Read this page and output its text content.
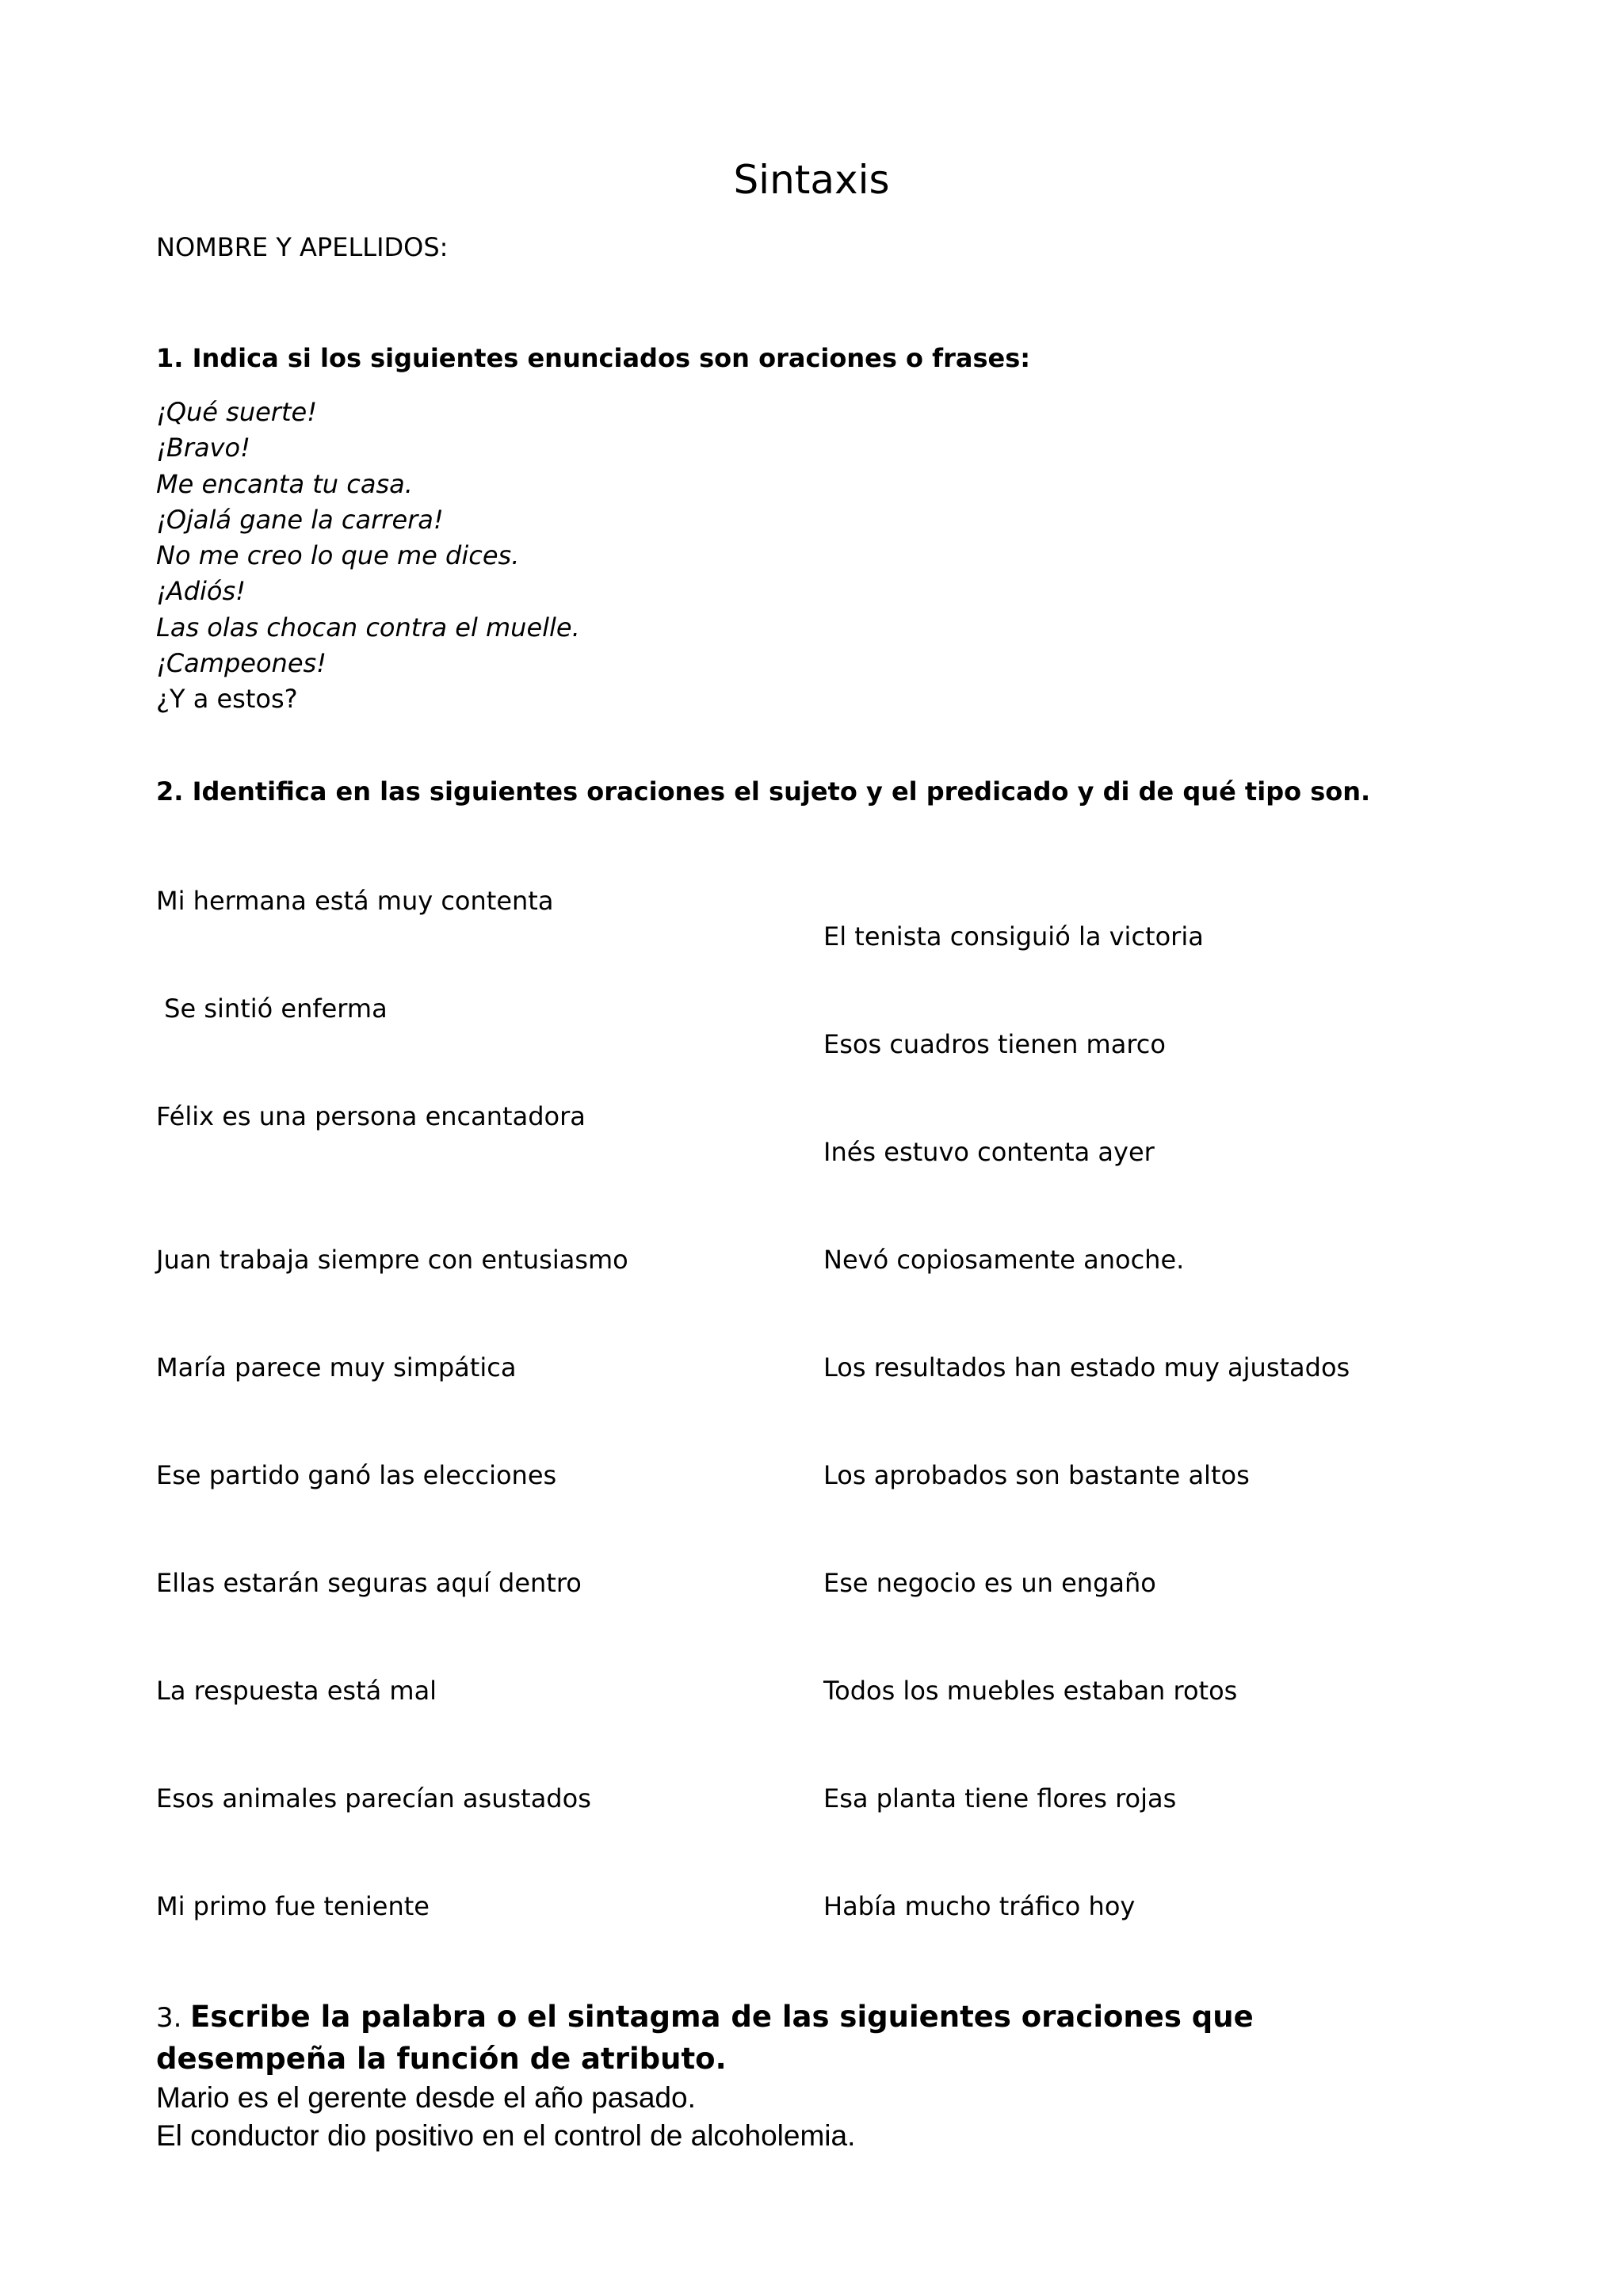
Sintaxis
NOMBRE Y APELLIDOS:
1. Indica si los siguientes enunciados son oraciones o frases:
¡Qué suerte!
¡Bravo!
Me encanta tu casa.
¡Ojalá gane la carrera!
No me creo lo que me dices.
¡Adiós!
Las olas chocan contra el muelle.
¡Campeones!
¿Y a estos?
2. Identifica en las siguientes oraciones el sujeto y el predicado y di de qué tipo son.
Mi hermana está muy contenta
Se sintió enferma
Félix es una persona encantadora
Juan trabaja siempre con entusiasmo
María parece muy simpática
Ese partido ganó las elecciones
Ellas estarán seguras aquí dentro
La respuesta está mal
Esos animales parecían asustados
Mi primo fue teniente
El tenista consiguió la victoria
Esos cuadros tienen marco
Inés estuvo contenta ayer
Nevó copiosamente anoche.
Los resultados han estado muy ajustados
Los aprobados son bastante altos
Ese negocio es un engaño
Todos los muebles estaban rotos
Esa planta tiene flores rojas
Había mucho tráfico hoy
3. Escribe la palabra o el sintagma de las siguientes oraciones que desempeña la función de atributo.
Mario es el gerente desde el año pasado.
El conductor dio positivo en el control de alcoholemia.
